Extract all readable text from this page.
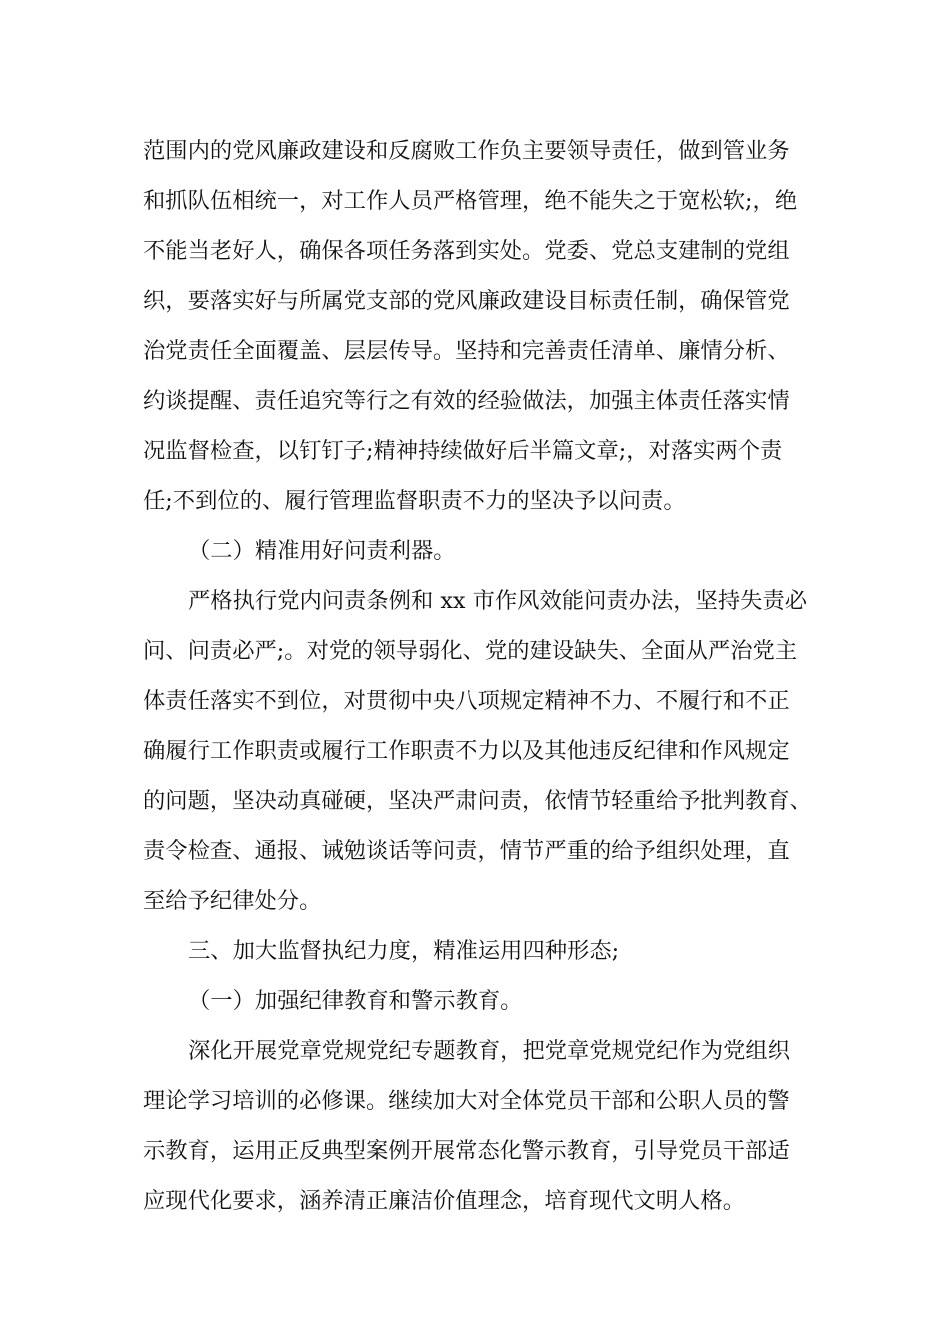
范围内的党风廉政建设和反腐败工作负主要领导责任，做到管业务
和抓队伍相统一，对工作人员严格管理，绝不能失之于宽松软;，绝
不能当老好人，确保各项任务落到实处。党委、党总支建制的党组
织，要落实好与所属党支部的党风廉政建设目标责任制，确保管党
治党责任全面覆盖、层层传导。坚持和完善责任清单、廉情分析、
约谈提醒、责任追究等行之有效的经验做法，加强主体责任落实情
况监督检查，以钉钉子;精神持续做好后半篇文章;，对落实两个责
任;不到位的、履行管理监督职责不力的坚决予以问责。
（二）精准用好问责利器。
严格执行党内问责条例和 xx 市作风效能问责办法，坚持失责必
问、问责必严;。对党的领导弱化、党的建设缺失、全面从严治党主
体责任落实不到位，对贯彻中央八项规定精神不力、不履行和不正
确履行工作职责或履行工作职责不力以及其他违反纪律和作风规定
的问题，坚决动真碰硬，坚决严肃问责，依情节轻重给予批判教育、
责令检查、通报、诫勉谈话等问责，情节严重的给予组织处理，直
至给予纪律处分。
三、加大监督执纪力度，精准运用四种形态;
（一）加强纪律教育和警示教育。
深化开展党章党规党纪专题教育，把党章党规党纪作为党组织
理论学习培训的必修课。继续加大对全体党员干部和公职人员的警
示教育，运用正反典型案例开展常态化警示教育，引导党员干部适
应现代化要求，涵养清正廉洁价值理念，培育现代文明人格。
